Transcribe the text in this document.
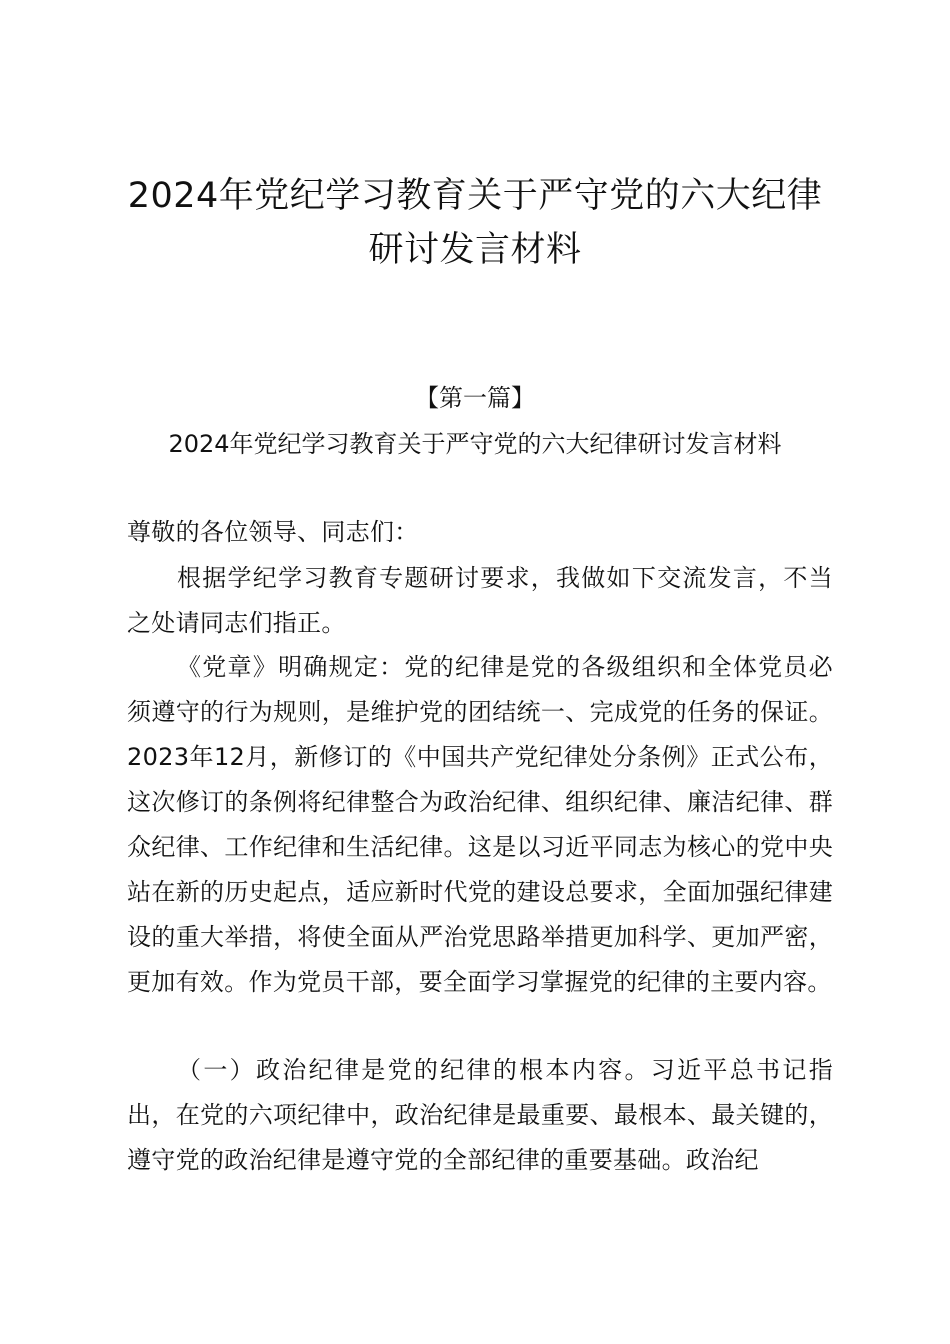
2024年党纪学习教育关于严守党的六大纪律
研讨发言材料
【第一篇】
2024年党纪学习教育关于严守党的六大纪律研讨发言材料

尊敬的各位领导、同志们：

根据学纪学习教育专题研讨要求，我做如下交流发言，不当之处请同志们指正。

《党章》明确规定：党的纪律是党的各级组织和全体党员必须遵守的行为规则，是维护党的团结统一、完成党的任务的保证。2023年12月，新修订的《中国共产党纪律处分条例》正式公布，这次修订的条例将纪律整合为政治纪律、组织纪律、廉洁纪律、群众纪律、工作纪律和生活纪律。这是以习近平同志为核心的党中央站在新的历史起点，适应新时代党的建设总要求，全面加强纪律建设的重大举措，将使全面从严治党思路举措更加科学、更加严密，更加有效。作为党员干部，要全面学习掌握党的纪律的主要内容。

（一）政治纪律是党的纪律的根本内容。习近平总书记指出，在党的六项纪律中，政治纪律是最重要、最根本、最关键的，遵守党的政治纪律是遵守党的全部纪律的重要基础。政治纪
